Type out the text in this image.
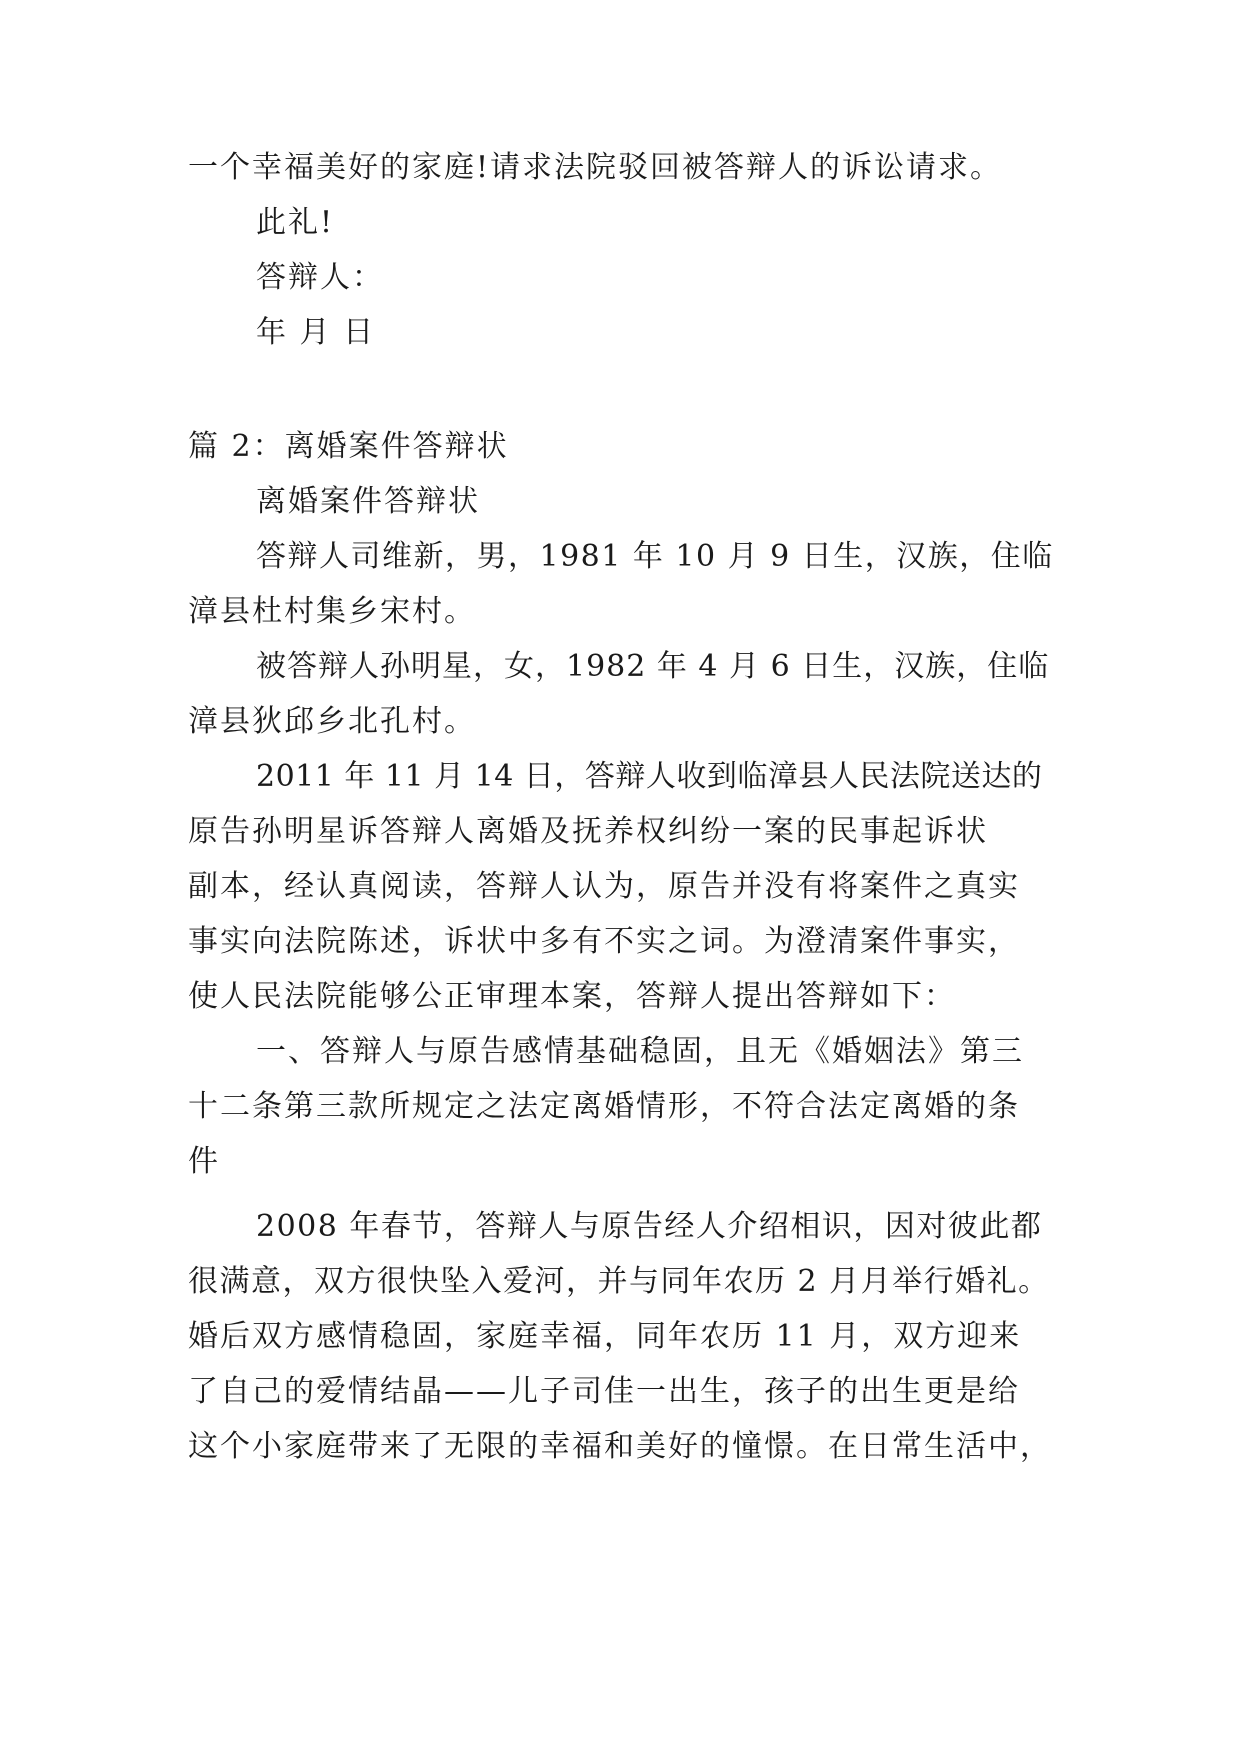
一个幸福美好的家庭!请求法院驳回被答辩人的诉讼请求。
此礼!
答辩人：
年 月 日
篇 2：离婚案件答辩状
离婚案件答辩状
答辩人司维新，男，1981 年 10 月 9 日生，汉族，住临
漳县杜村集乡宋村。
被答辩人孙明星，女，1982 年 4 月 6 日生，汉族，住临
漳县狄邱乡北孔村。
2011 年 11 月 14 日，答辩人收到临漳县人民法院送达的
原告孙明星诉答辩人离婚及抚养权纠纷一案的民事起诉状
副本，经认真阅读，答辩人认为，原告并没有将案件之真实
事实向法院陈述，诉状中多有不实之词。为澄清案件事实，
使人民法院能够公正审理本案，答辩人提出答辩如下：
一、答辩人与原告感情基础稳固，且无《婚姻法》第三
十二条第三款所规定之法定离婚情形，不符合法定离婚的条
件
2008 年春节，答辩人与原告经人介绍相识，因对彼此都
很满意，双方很快坠入爱河，并与同年农历 2 月月举行婚礼。
婚后双方感情稳固，家庭幸福，同年农历 11 月，双方迎来
了自己的爱情结晶——儿子司佳一出生，孩子的出生更是给
这个小家庭带来了无限的幸福和美好的憧憬。在日常生活中，
